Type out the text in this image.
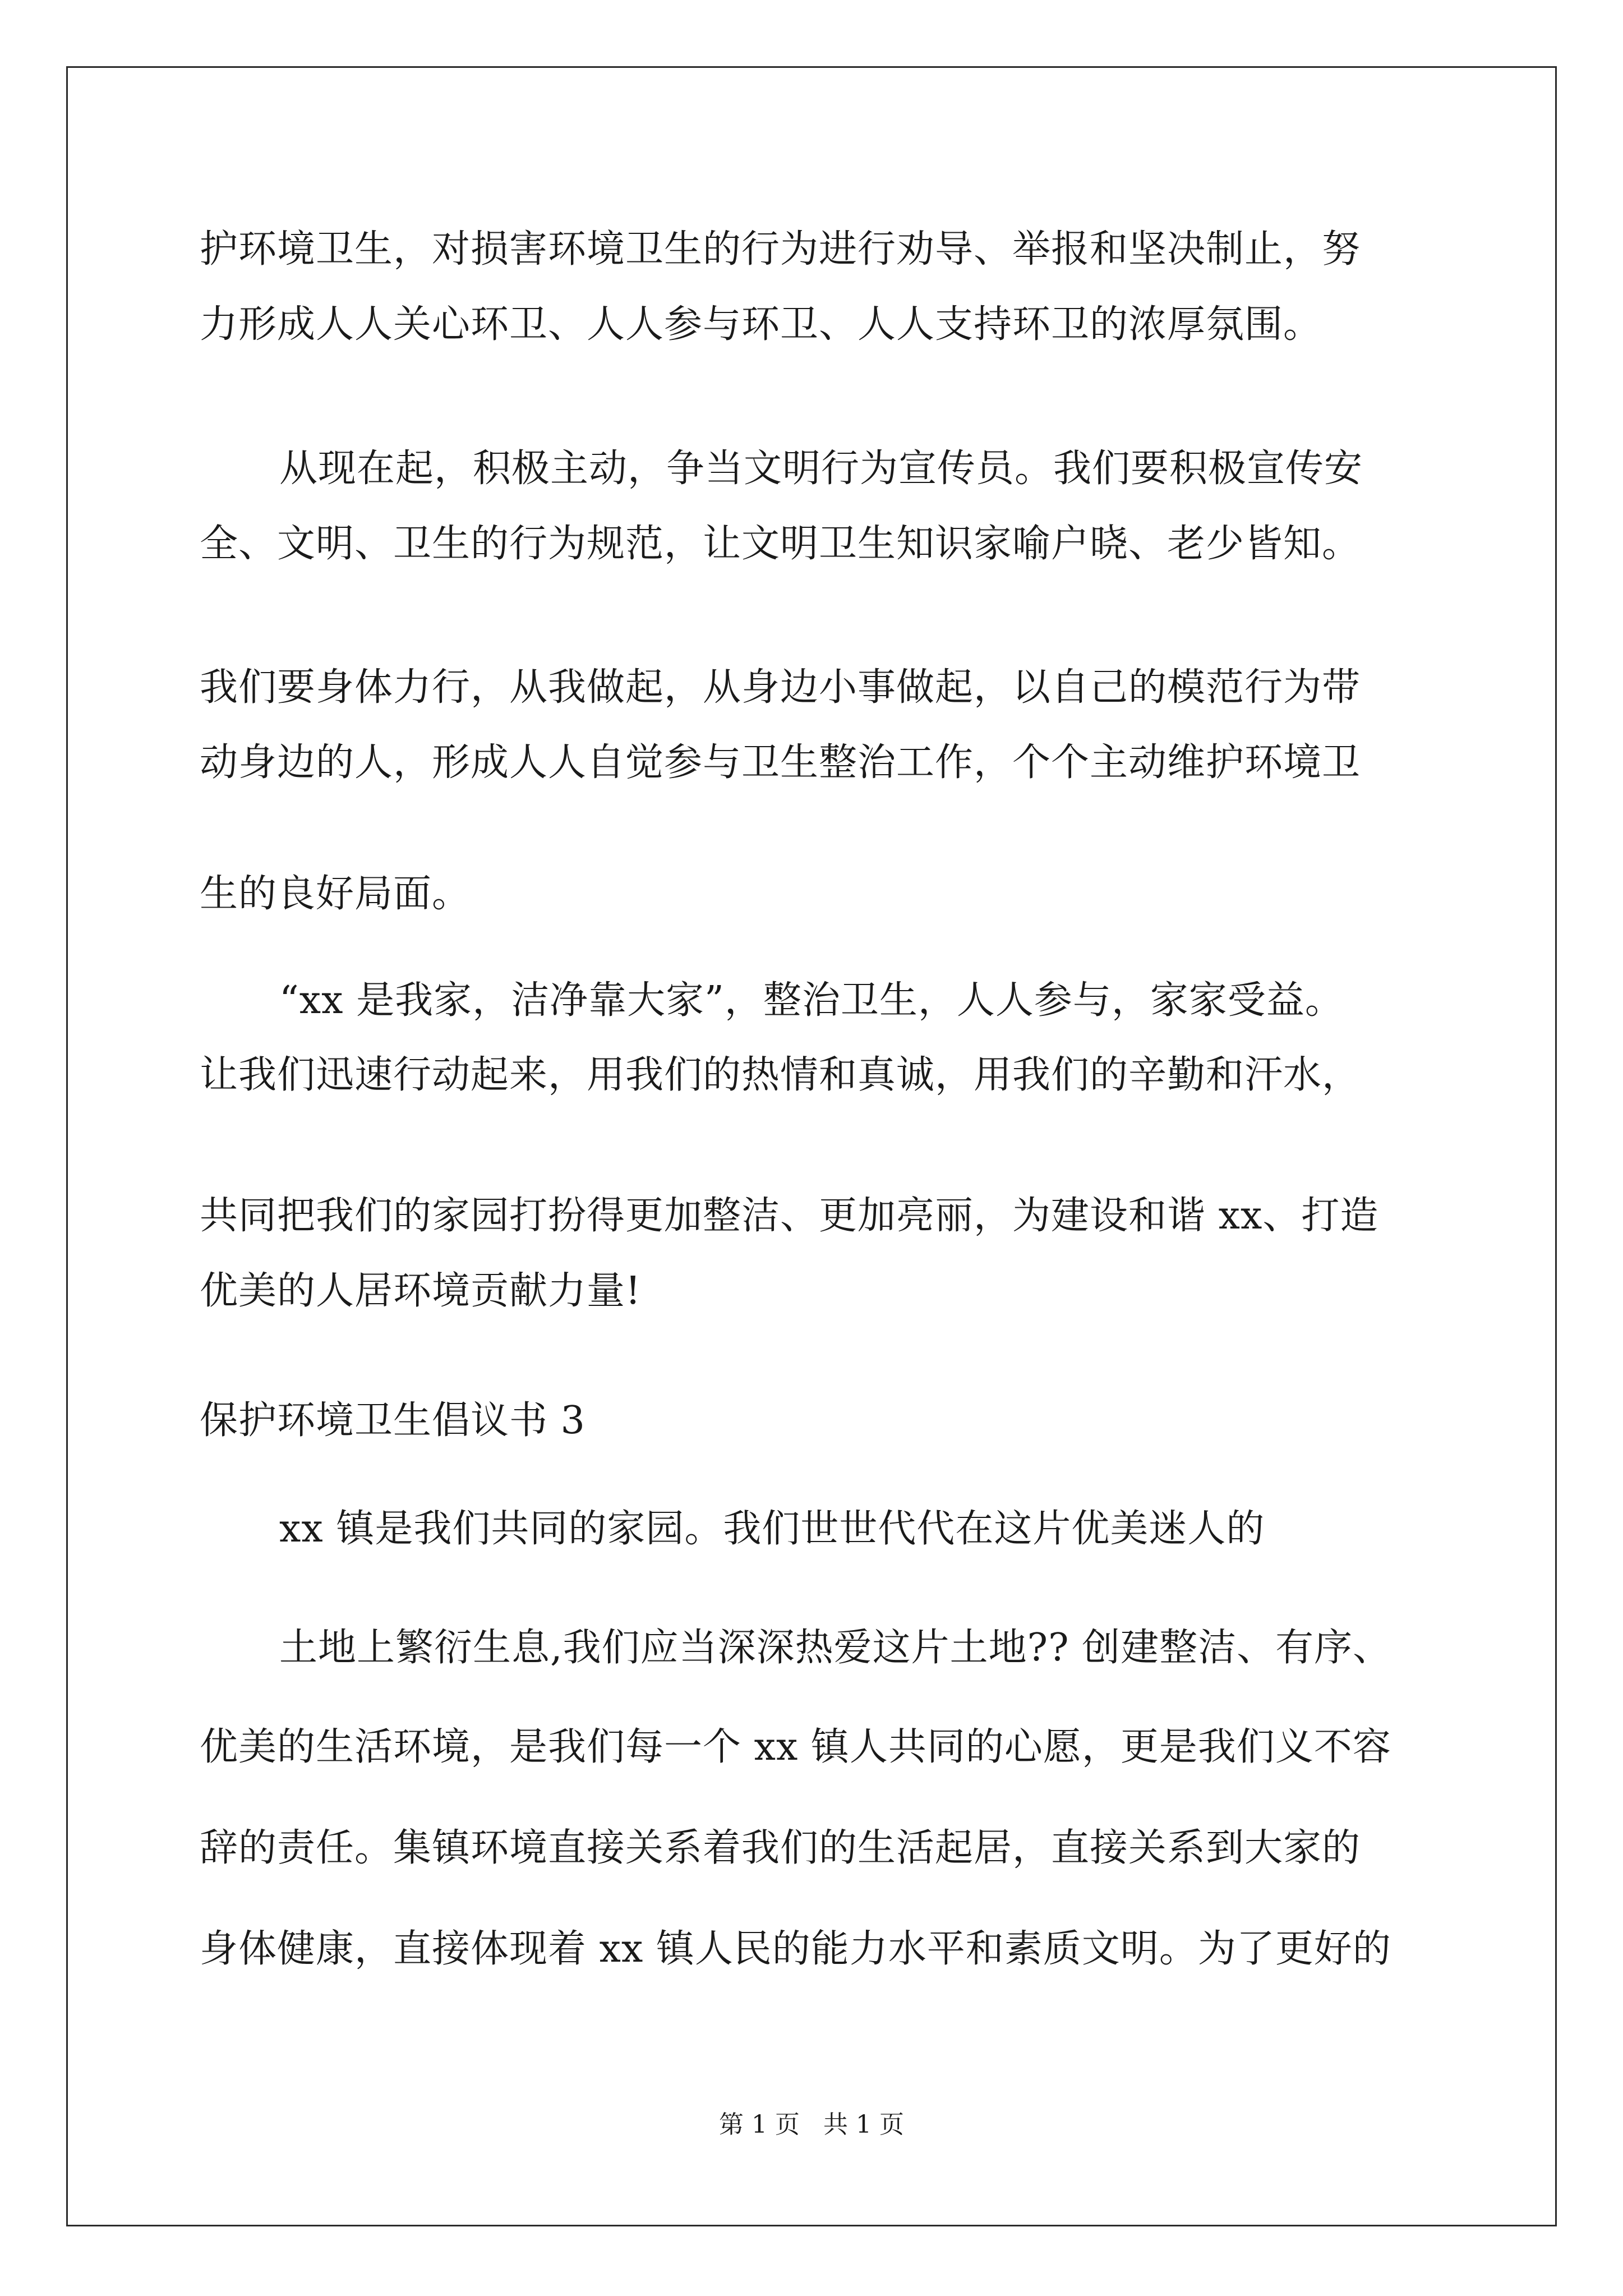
护环境卫生，对损害环境卫生的行为进行劝导、举报和坚决制止，努
力形成人人关心环卫、人人参与环卫、人人支持环卫的浓厚氛围。
从现在起，积极主动，争当文明行为宣传员。我们要积极宣传安
全、文明、卫生的行为规范，让文明卫生知识家喻户晓、老少皆知。
我们要身体力行，从我做起，从身边小事做起，以自己的模范行为带
动身边的人，形成人人自觉参与卫生整治工作，个个主动维护环境卫
生的良好局面。
“xx 是我家，洁净靠大家”，整治卫生，人人参与，家家受益。
让我们迅速行动起来，用我们的热情和真诚，用我们的辛勤和汗水，
共同把我们的家园打扮得更加整洁、更加亮丽，为建设和谐 xx、打造
优美的人居环境贡献力量!
保护环境卫生倡议书 3
xx 镇是我们共同的家园。我们世世代代在这片优美迷人的
土地上繁衍生息,我们应当深深热爱这片土地?? 创建整洁、有序、
优美的生活环境，是我们每一个 xx 镇人共同的心愿，更是我们义不容
辞的责任。集镇环境直接关系着我们的生活起居，直接关系到大家的
身体健康，直接体现着 xx 镇人民的能力水平和素质文明。为了更好的
第 1 页   共 1 页
